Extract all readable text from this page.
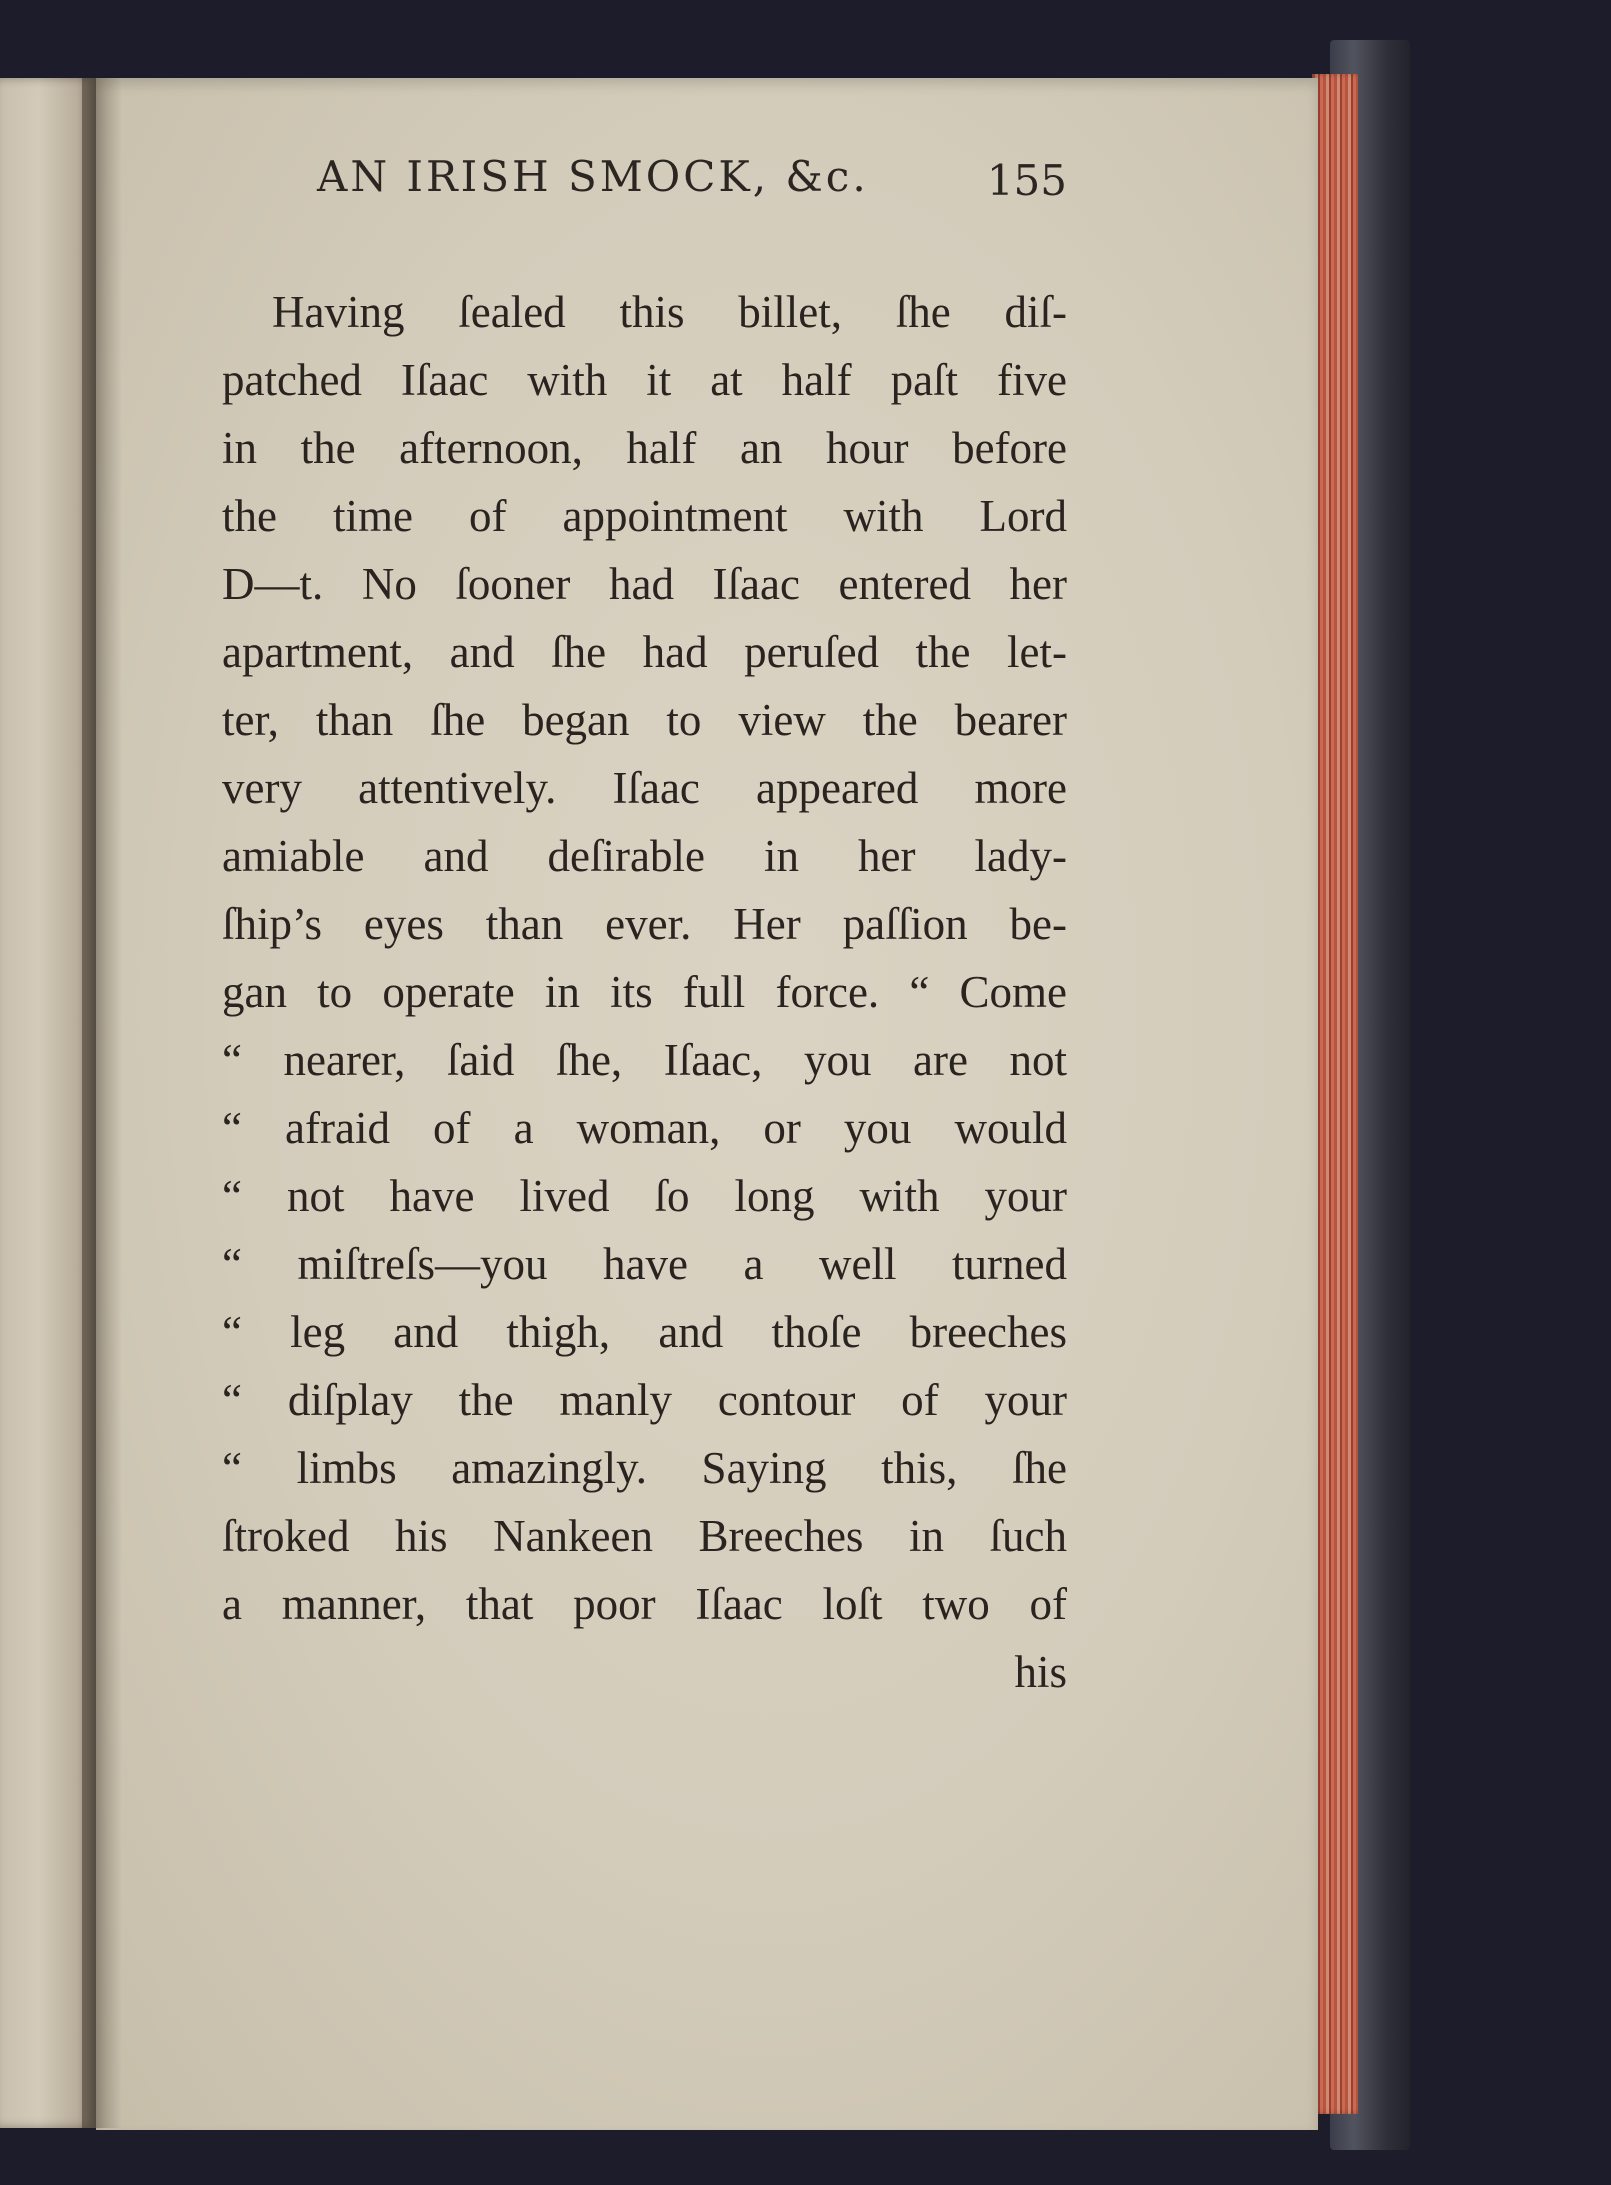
AN IRISH SMOCK, &c.	155
Having ſealed this billet, ſhe diſ-
patched Iſaac with it at half paſt five
in the afternoon, half an hour before
the time of appointment with Lord
D—t. No ſooner had Iſaac entered her
apartment, and ſhe had peruſed the let-
ter, than ſhe began to view the bearer
very attentively. Iſaac appeared more
amiable and deſirable in her lady-
ſhip’s eyes than ever. Her paſſion be-
gan to operate in its full force. “ Come
“ nearer, ſaid ſhe, Iſaac, you are not
“ afraid of a woman, or you would
“ not have lived ſo long with your
“ miſtreſs—you have a well turned
“ leg and thigh, and thoſe breeches
“ diſplay the manly contour of your
“ limbs amazingly. Saying this, ſhe
ſtroked his Nankeen Breeches in ſuch
a manner, that poor Iſaac loſt two of
his
